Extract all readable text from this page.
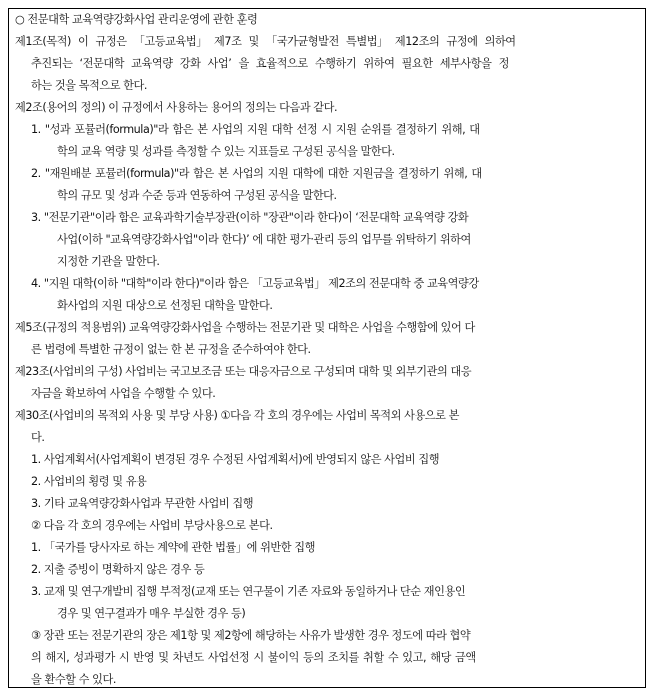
○ 전문대학 교육역량강화사업 관리운영에 관한 훈령
제1조(목적) 이 규정은 「고등교육법」 제7조 및 「국가균형발전 특별법」 제12조의 규정에 의하여
추진되는 ‘전문대학 교육역량 강화 사업’ 을 효율적으로 수행하기 위하여 필요한 세부사항을 정
하는 것을 목적으로 한다.
제2조(용어의 정의) 이 규정에서 사용하는 용어의 정의는 다음과 같다.
1. "성과 포뮬러(formula)"라 함은 본 사업의 지원 대학 선정 시 지원 순위를 결정하기 위해, 대
학의 교육 역량 및 성과를 측정할 수 있는 지표들로 구성된 공식을 말한다.
2. "재원배분 포뮬러(formula)"라 함은 본 사업의 지원 대학에 대한 지원금을 결정하기 위해, 대
학의 규모 및 성과 수준 등과 연동하여 구성된 공식을 말한다.
3. "전문기관"이라 함은 교육과학기술부장관(이하 "장관"이라 한다)이 ‘전문대학 교육역량 강화
사업(이하 "교육역량강화사업"이라 한다)’ 에 대한 평가·관리 등의 업무를 위탁하기 위하여
지정한 기관을 말한다.
4. "지원 대학(이하 "대학"이라 한다)"이라 함은 「고등교육법」 제2조의 전문대학 중 교육역량강
화사업의 지원 대상으로 선정된 대학을 말한다.
제5조(규정의 적용범위) 교육역량강화사업을 수행하는 전문기관 및 대학은 사업을 수행함에 있어 다
른 법령에 특별한 규정이 없는 한 본 규정을 준수하여야 한다.
제23조(사업비의 구성) 사업비는 국고보조금 또는 대응자금으로 구성되며 대학 및 외부기관의 대응
자금을 확보하여 사업을 수행할 수 있다.
제30조(사업비의 목적외 사용 및 부당 사용) ①다음 각 호의 경우에는 사업비 목적외 사용으로 본
다.
1. 사업계획서(사업계획이 변경된 경우 수정된 사업계획서)에 반영되지 않은 사업비 집행
2. 사업비의 횡령 및 유용
3. 기타 교육역량강화사업과 무관한 사업비 집행
② 다음 각 호의 경우에는 사업비 부당사용으로 본다.
1. 「국가를 당사자로 하는 계약에 관한 법률」에 위반한 집행
2. 지출 증빙이 명확하지 않은 경우 등
3. 교재 및 연구개발비 집행 부적정(교재 또는 연구물이 기존 자료와 동일하거나 단순 재인용인
경우 및 연구결과가 매우 부실한 경우 등)
③ 장관 또는 전문기관의 장은 제1항 및 제2항에 해당하는 사유가 발생한 경우 정도에 따라 협약
의 해지, 성과평가 시 반영 및 차년도 사업선정 시 불이익 등의 조치를 취할 수 있고, 해당 금액
을 환수할 수 있다.
